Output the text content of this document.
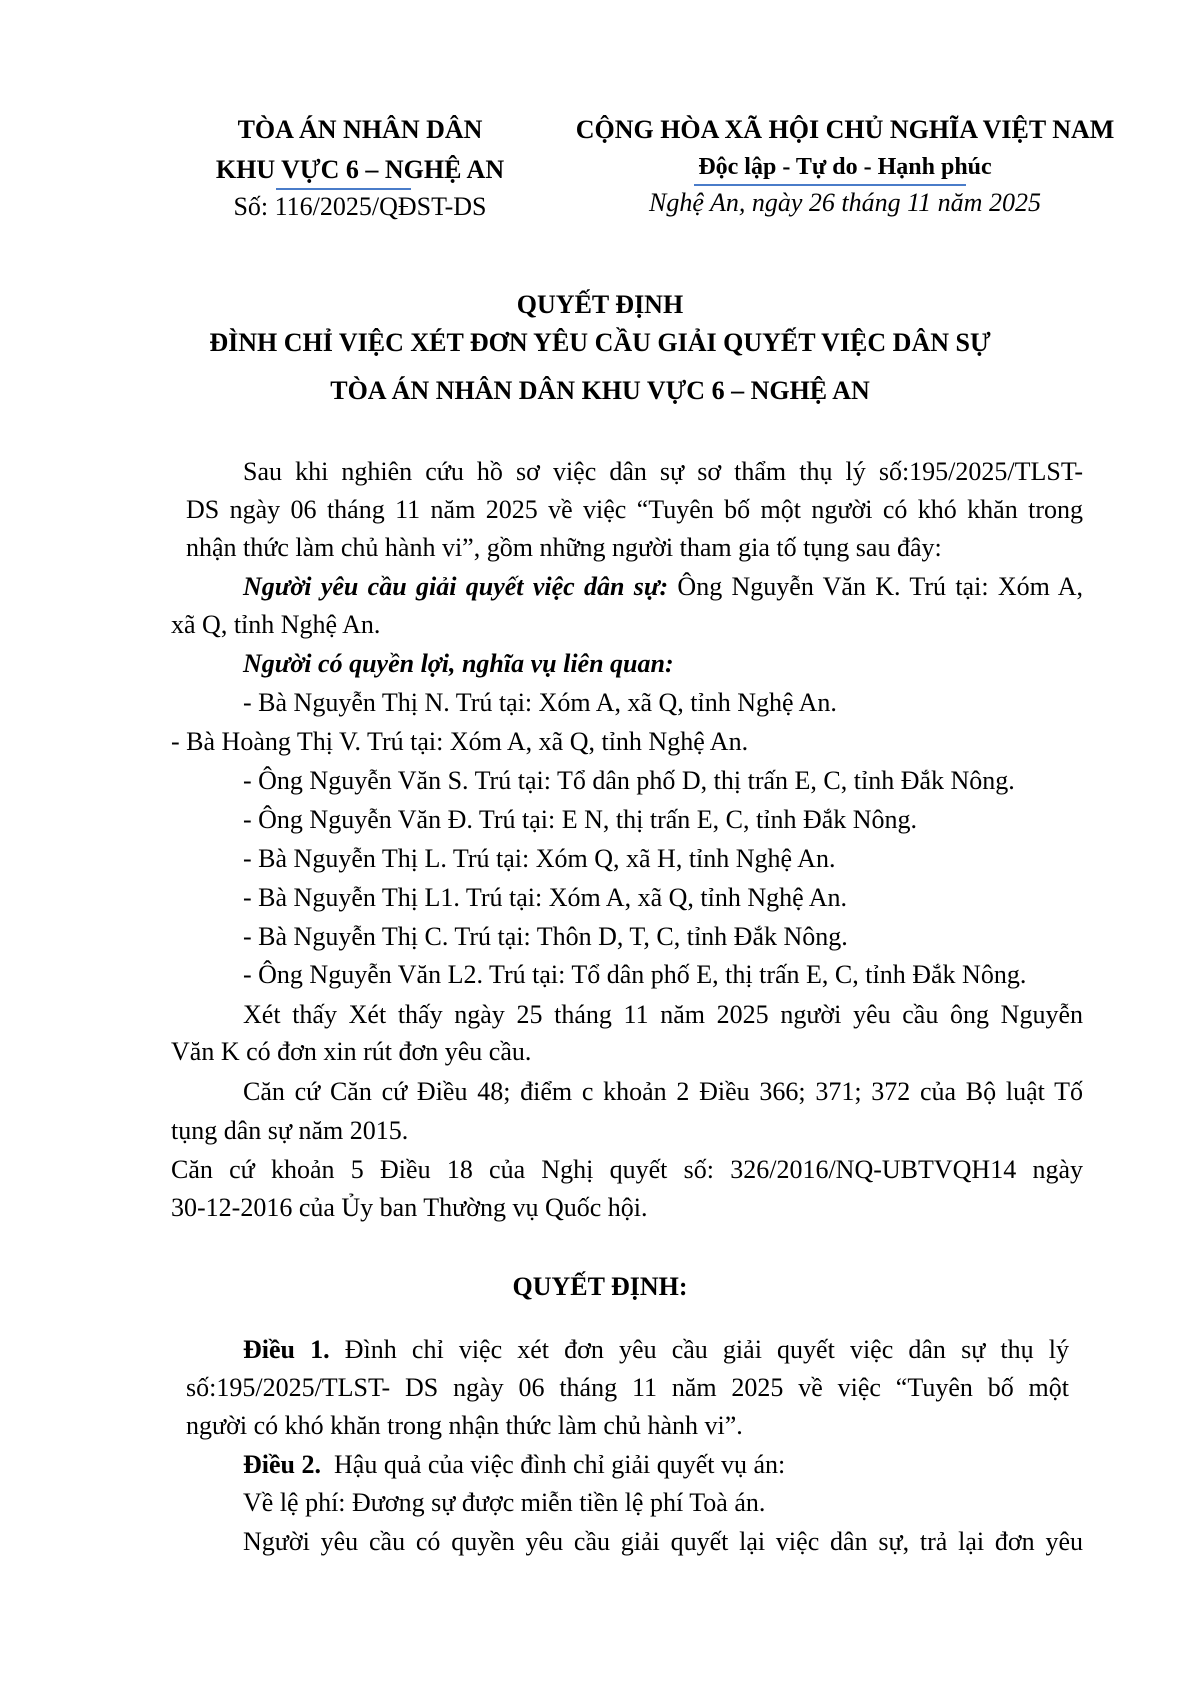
TÒA ÁN NHÂN DÂN
KHU VỰC 6 – NGHỆ AN
Số: 116/2025/QĐST-DS
CỘNG HÒA XÃ HỘI CHỦ NGHĨA VIỆT NAM
Độc lập - Tự do - Hạnh phúc
Nghệ An, ngày 26 tháng 11 năm 2025
QUYẾT ĐỊNH
ĐÌNH CHỈ VIỆC XÉT ĐƠN YÊU CẦU GIẢI QUYẾT VIỆC DÂN SỰ
TÒA ÁN NHÂN DÂN KHU VỰC 6 – NGHỆ AN
Sau khi nghiên cứu hồ sơ việc dân sự sơ thẩm thụ lý số:195/2025/TLST-
DS ngày 06 tháng 11 năm 2025 về việc “Tuyên bố một người có khó khăn trong
nhận thức làm chủ hành vi”, gồm những người tham gia tố tụng sau đây:
Người yêu cầu giải quyết việc dân sự: Ông Nguyễn Văn K. Trú tại: Xóm A,
xã Q, tỉnh Nghệ An.
Người có quyền lợi, nghĩa vụ liên quan:
- Bà Nguyễn Thị N. Trú tại: Xóm A, xã Q, tỉnh Nghệ An.
- Bà Hoàng Thị V. Trú tại: Xóm A, xã Q, tỉnh Nghệ An.
- Ông Nguyễn Văn S. Trú tại: Tổ dân phố D, thị trấn E, C, tỉnh Đắk Nông.
- Ông Nguyễn Văn Đ. Trú tại: E N, thị trấn E, C, tỉnh Đắk Nông.
- Bà Nguyễn Thị L. Trú tại: Xóm Q, xã H, tỉnh Nghệ An.
- Bà Nguyễn Thị L1. Trú tại: Xóm A, xã Q, tỉnh Nghệ An.
- Bà Nguyễn Thị C. Trú tại: Thôn D, T, C, tỉnh Đắk Nông.
- Ông Nguyễn Văn L2. Trú tại: Tổ dân phố E, thị trấn E, C, tỉnh Đắk Nông.
Xét thấy Xét thấy ngày 25 tháng 11 năm 2025 người yêu cầu ông Nguyễn
Văn K có đơn xin rút đơn yêu cầu.
Căn cứ Căn cứ Điều 48; điểm c khoản 2 Điều 366; 371; 372 của Bộ luật Tố
tụng dân sự năm 2015.
Căn cứ khoản 5 Điều 18 của Nghị quyết số: 326/2016/NQ-UBTVQH14 ngày
30-12-2016 của Ủy ban Thường vụ Quốc hội.
QUYẾT ĐỊNH:
Điều 1. Đình chỉ việc xét đơn yêu cầu giải quyết việc dân sự thụ lý
số:195/2025/TLST- DS ngày 06 tháng 11 năm 2025 về việc “Tuyên bố một
người có khó khăn trong nhận thức làm chủ hành vi”.
Điều 2.  Hậu quả của việc đình chỉ giải quyết vụ án:
Về lệ phí: Đương sự được miễn tiền lệ phí Toà án.
Người yêu cầu có quyền yêu cầu giải quyết lại việc dân sự, trả lại đơn yêu
